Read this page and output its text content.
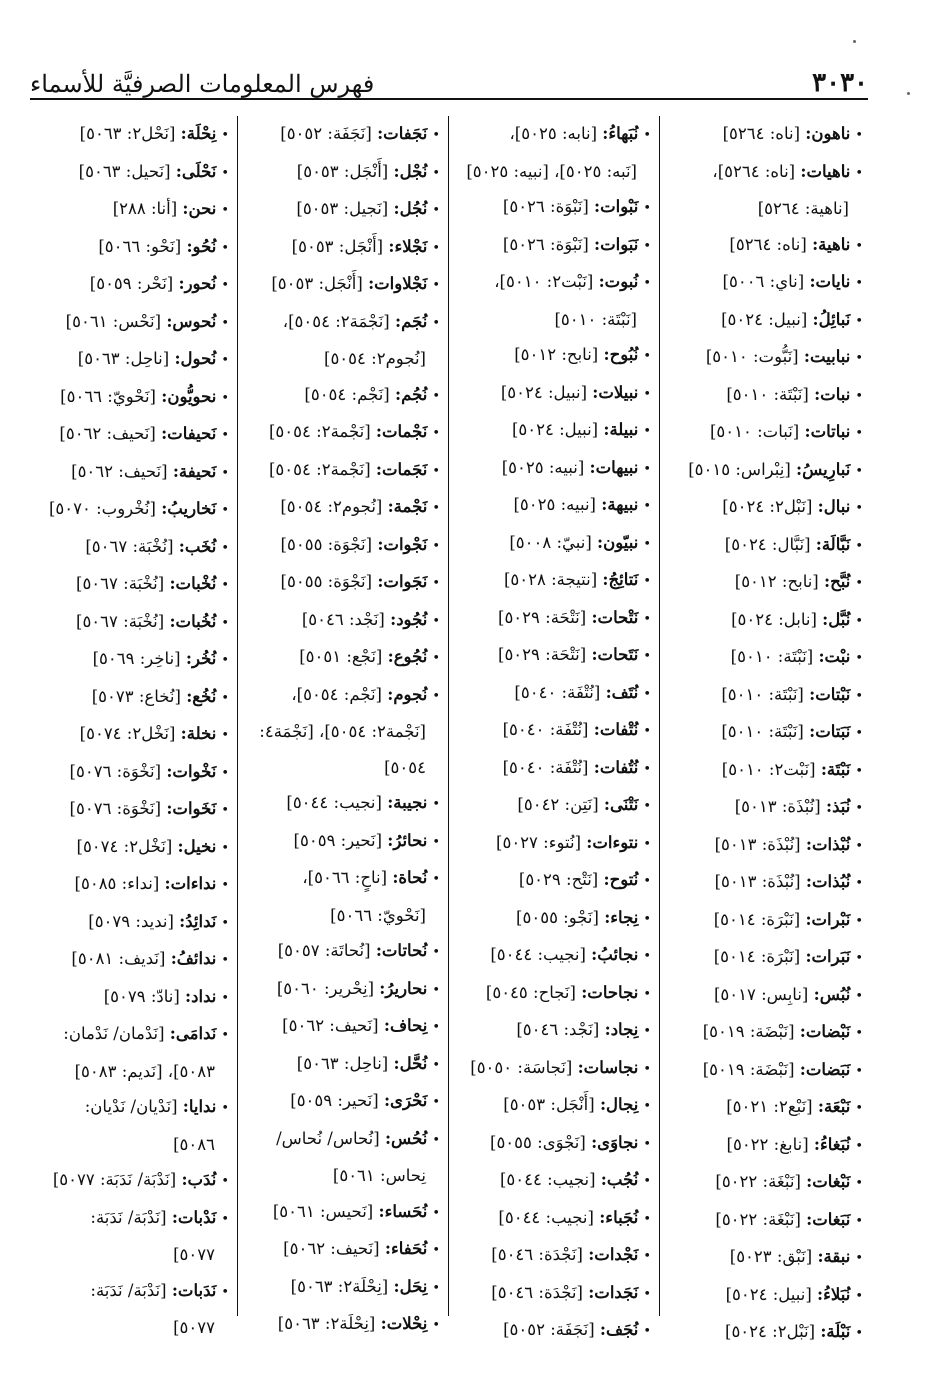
٣٠٣٠
فهرس المعلومات الصرفيَّة للأسماء

•ناهون: [ناه: ٥٢٦٤]

•ناهيات: [ناه: ٥٢٦٤]،

[ناهية: ٥٢٦٤]

•ناهية: [ناه: ٥٢٦٤]

•نايات: [ناي: ٥٠٠٦]

•نَبائِلُ: [نبيل: ٥٠٢٤]

•نبابيت: [نَبُّوت: ٥٠١٠]

•نبات: [نَبْتَة: ٥٠١٠]

•نباتات: [نَبات: ٥٠١٠]

•نَبارِيسُ: [نِبْراس: ٥٠١٥]

•نبال: [نَبْل٢: ٥٠٢٤]

•نَبَّالَة: [نَبَّال: ٥٠٢٤]

•نُبَّح: [نابح: ٥٠١٢]

•نُبَّل: [نابل: ٥٠٢٤]

•نبْت: [نَبْتَة: ٥٠١٠]

•نَبْتات: [نَبْتَة: ٥٠١٠]

•نَبَتات: [نَبْتَة: ٥٠١٠]

•نَبْتَة: [نَبْت٢: ٥٠١٠]

•نُبَذ: [نُبْذَة: ٥٠١٣]

•نُبْذات: [نُبْذَة: ٥٠١٣]

•نُبُذات: [نُبْذَة: ٥٠١٣]

•نَبْرات: [نَبْرَة: ٥٠١٤]

•نَبَرات: [نَبْرَة: ٥٠١٤]

•نُبُس: [نابِس: ٥٠١٧]

•نَبْضات: [نَبْضَة: ٥٠١٩]

•نَبَضات: [نَبْضَة: ٥٠١٩]

•نَبْعَة: [نَبْع٢: ٥٠٢١]

•نُبَغاءُ: [نابغ: ٥٠٢٢]

•نَبْغات: [نَبْغَة: ٥٠٢٢]

•نَبَغات: [نَبْغَة: ٥٠٢٢]

•نبقة: [نَبْق: ٥٠٢٣]

•نُبَلاءُ: [نبيل: ٥٠٢٤]

•نَبْلَة: [نَبْل٢: ٥٠٢٤]

•نُبَهاءُ: [نابه: ٥٠٢٥]،

[نَبه: ٥٠٢٥]، [نبيه: ٥٠٢٥]

•نَبْوات: [نَبْوَة: ٥٠٢٦]

•نَبَوات: [نَبْوَة: ٥٠٢٦]

•نُبوت: [نَبْت٢: ٥٠١٠]،

[نَبْتَة: ٥٠١٠]

•نُبُوح: [نابح: ٥٠١٢]

•نبيلات: [نبيل: ٥٠٢٤]

•نبيلة: [نبيل: ٥٠٢٤]

•نبيهات: [نبيه: ٥٠٢٥]

•نبيهة: [نبيه: ٥٠٢٥]

•نبيّون: [نبيّ: ٥٠٠٨]

•نَتائِجُ: [نتيجة: ٥٠٢٨]

•نَتْحات: [نَتْحَة: ٥٠٢٩]

•نَتَحات: [نَتْحَة: ٥٠٢٩]

•نُتَف: [نُتْفَة: ٥٠٤٠]

•نُتْفات: [نُتْفَة: ٥٠٤٠]

•نُتُفات: [نُتْفَة: ٥٠٤٠]

•نَتْنَى: [نَتِن: ٥٠٤٢]

•نتوءات: [نُتوء: ٥٠٢٧]

•نُتوح: [نَتْح: ٥٠٢٩]

•نِجاء: [نَجْو: ٥٠٥٥]

•نجائبُ: [نجيب: ٥٠٤٤]

•نجاحات: [نَجاح: ٥٠٤٥]

•نِجاد: [نَجْد: ٥٠٤٦]

•نجاسات: [نَجاسَة: ٥٠٥٠]

•نِجال: [أَنْجَل: ٥٠٥٣]

•نجاوَى: [نَجْوَى: ٥٠٥٥]

•نُجُب: [نجيب: ٥٠٤٤]

•نُجَباء: [نجيب: ٥٠٤٤]

•نَجْدات: [نَجْدَة: ٥٠٤٦]

•نَجَدات: [نَجْدَة: ٥٠٤٦]

•نُجَف: [نَجَفَة: ٥٠٥٢]

•نَجَفات: [نَجَفَة: ٥٠٥٢]

•نُجْل: [أَنْجَل: ٥٠٥٣]

•نُجُل: [نَجيل: ٥٠٥٣]

•نَجْلاء: [أَنْجَل: ٥٠٥٣]

•نَجْلاوات: [أَنْجَل: ٥٠٥٣]

•نُجَم: [نَجْمَة٢: ٥٠٥٤]،

[نُجوم٢: ٥٠٥٤]

•نُجُم: [نَجْم: ٥٠٥٤]

•نَجْمات: [نَجْمة٢: ٥٠٥٤]

•نَجَمات: [نَجْمة٢: ٥٠٥٤]

•نَجْمة: [نُجوم٢: ٥٠٥٤]

•نَجْوات: [نَجْوَة: ٥٠٥٥]

•نَجَوات: [نَجْوَة: ٥٠٥٥]

•نُجُود: [نَجْد: ٥٠٤٦]

•نُجُوع: [نَجْع: ٥٠٥١]

•نُجوم: [نَجْم: ٥٠٥٤]،

[نَجْمة٢: ٥٠٥٤]، [نَجْمَة٤:

٥٠٥٤]

•نجيبة: [نجيب: ٥٠٤٤]

•نحائرُ: [نَحير: ٥٠٥٩]

•نُحاة: [ناحٍ: ٥٠٦٦]،

[نَحْويّ: ٥٠٦٦]

•نُحاتات: [نُحاتَة: ٥٠٥٧]

•نحاريرُ: [نِحْرير: ٥٠٦٠]

•نِحاف: [نَحيف: ٥٠٦٢]

•نُحَّل: [ناحِل: ٥٠٦٣]

•نَحْرَى: [نَحير: ٥٠٥٩]

•نُحُس: [نُحاس/ نُحاس/

نِحاس: ٥٠٦١]

•نُحَساء: [نَحيس: ٥٠٦١]

•نُحَفاء: [نَحيف: ٥٠٦٢]

•نِحَل: [نِحْلَة٢: ٥٠٦٣]

•نِحْلات: [نِحْلَة٢: ٥٠٦٣]

•نِحْلَة: [نَحْل٢: ٥٠٦٣]

•نَحْلَى: [نَحيل: ٥٠٦٣]

•نحن: [أنا: ٢٨٨]

•نُحُو: [نَحْو: ٥٠٦٦]

•نُحور: [نَحْر: ٥٠٥٩]

•نُحوس: [نَحْس: ٥٠٦١]

•نُحول: [ناحِل: ٥٠٦٣]

•نحويُّون: [نَحْويّ: ٥٠٦٦]

•نَحيفات: [نَحيف: ٥٠٦٢]

•نَحيفة: [نَحيف: ٥٠٦٢]

•نَخاريبُ: [نُخْروب: ٥٠٧٠]

•نُخَب: [نُخْبَة: ٥٠٦٧]

•نُخْبات: [نُخْبَة: ٥٠٦٧]

•نُخُبات: [نُخْبَة: ٥٠٦٧]

•نُخُر: [ناخِر: ٥٠٦٩]

•نُخُع: [نُخاع: ٥٠٧٣]

•نخلة: [نَخْل٢: ٥٠٧٤]

•نَخْوات: [نَخْوَة: ٥٠٧٦]

•نَخَوات: [نَخْوَة: ٥٠٧٦]

•نخيل: [نَخْل٢: ٥٠٧٤]

•نداءات: [نداء: ٥٠٨٥]

•نَدائِدُ: [نديد: ٥٠٧٩]

•ندائفُ: [نَديف: ٥٠٨١]

•نداد: [نادّ: ٥٠٧٩]

•نَدامَى: [نَدْمان/ نَدْمان:

٥٠٨٣]، [نَديم: ٥٠٨٣]

•ندايا: [نَدْيان/ نَدْيان:

٥٠٨٦]

•نُدَب: [نَدْبَة/ نَدَبَة: ٥٠٧٧]

•نَدْبات: [نَدْبَة/ نَدَبَة:

٥٠٧٧]

•نَدَبات: [نَدْبَة/ نَدَبَة:

٥٠٧٧]
